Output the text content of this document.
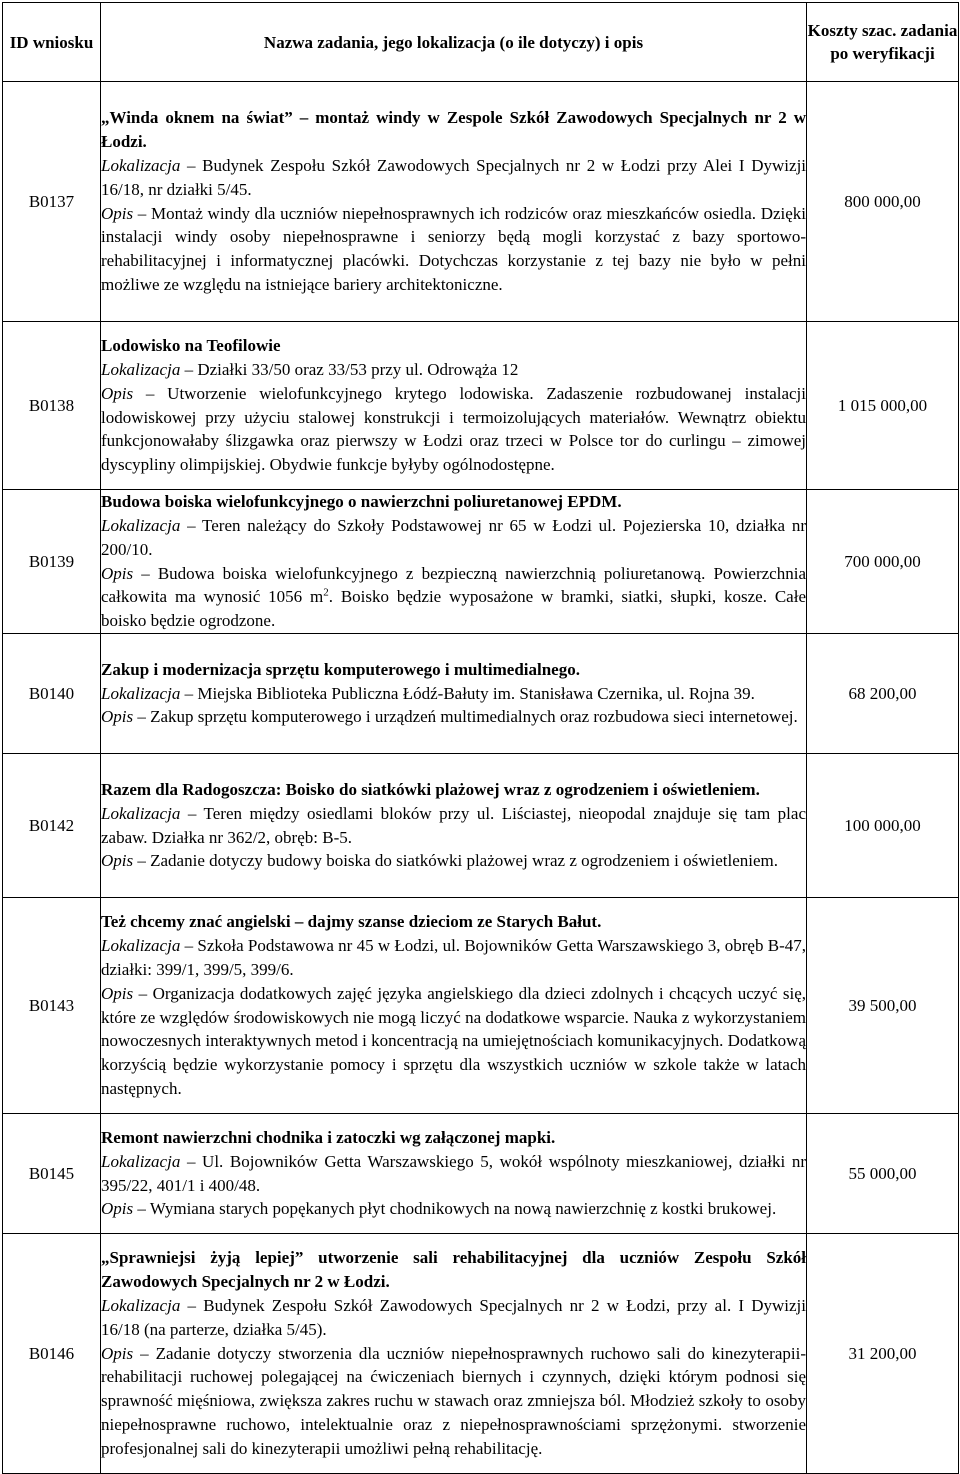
ID wniosku	Nazwa zadania, jego lokalizacja (o ile dotyczy) i opis	Koszty szac. zadania po weryfikacji
B0137	„Winda oknem na świat” – montaż windy w Zespole Szkół Zawodowych Specjalnych nr 2 w Łodzi.

Lokalizacja – Budynek Zespołu Szkół Zawodowych Specjalnych nr 2 w Łodzi przy Alei I Dywizji 16/18, nr działki 5/45.

Opis – Montaż windy dla uczniów niepełnosprawnych ich rodziców oraz mieszkańców osiedla. Dzięki instalacji windy osoby niepełnosprawne i seniorzy będą mogli korzystać z bazy sportowo-rehabilitacyjnej i informatycznej placówki. Dotychczas korzystanie z tej bazy nie było w pełni możliwe ze względu na istniejące bariery architektoniczne.	800 000,00
B0138	Lodowisko na Teofilowie

Lokalizacja – Działki 33/50 oraz 33/53 przy ul. Odrowąża 12

Opis – Utworzenie wielofunkcyjnego krytego lodowiska. Zadaszenie rozbudowanej instalacji lodowiskowej przy użyciu stalowej konstrukcji i termoizolujących materiałów. Wewnątrz obiektu funkcjonowałaby ślizgawka oraz pierwszy w Łodzi oraz trzeci w Polsce tor do curlingu – zimowej dyscypliny olimpijskiej. Obydwie funkcje byłyby ogólnodostępne.	1 015 000,00
B0139	Budowa boiska wielofunkcyjnego o nawierzchni poliuretanowej EPDM.

Lokalizacja – Teren należący do Szkoły Podstawowej nr 65 w Łodzi ul. Pojezierska 10, działka nr 200/10.

Opis – Budowa boiska wielofunkcyjnego z bezpieczną nawierzchnią poliuretanową. Powierzchnia całkowita ma wynosić 1056 $m^2$. Boisko będzie wyposażone w bramki, siatki, słupki, kosze. Całe boisko będzie ogrodzone.	700 000,00
B0140	Zakup i modernizacja sprzętu komputerowego i multimedialnego.

Lokalizacja – Miejska Biblioteka Publiczna Łódź-Bałuty im. Stanisława Czernika, ul. Rojna 39.

Opis – Zakup sprzętu komputerowego i urządzeń multimedialnych oraz rozbudowa sieci internetowej.	68 200,00
B0142	Razem dla Radogoszcza: Boisko do siatkówki plażowej wraz z ogrodzeniem i oświetleniem.

Lokalizacja – Teren między osiedlami bloków przy ul. Liściastej, nieopodal znajduje się tam plac zabaw. Działka nr 362/2, obręb: B-5.

Opis – Zadanie dotyczy budowy boiska do siatkówki plażowej wraz z ogrodzeniem i oświetleniem.	100 000,00
B0143	Też chcemy znać angielski – dajmy szanse dzieciom ze Starych Bałut.

Lokalizacja – Szkoła Podstawowa nr 45 w Łodzi, ul. Bojowników Getta Warszawskiego 3, obręb B-47, działki: 399/1, 399/5, 399/6.

Opis – Organizacja dodatkowych zajęć języka angielskiego dla dzieci zdolnych i chcących uczyć się, które ze względów środowiskowych nie mogą liczyć na dodatkowe wsparcie. Nauka z wykorzystaniem nowoczesnych interaktywnych metod i koncentracją na umiejętnościach komunikacyjnych. Dodatkową korzyścią będzie wykorzystanie pomocy i sprzętu dla wszystkich uczniów w szkole także w latach następnych.	39 500,00
B0145	Remont nawierzchni chodnika i zatoczki wg załączonej mapki.

Lokalizacja – Ul. Bojowników Getta Warszawskiego 5, wokół wspólnoty mieszkaniowej, działki nr 395/22, 401/1 i 400/48.

Opis – Wymiana starych popękanych płyt chodnikowych na nową nawierzchnię z kostki brukowej.	55 000,00
B0146	„Sprawniejsi żyją lepiej” utworzenie sali rehabilitacyjnej dla uczniów Zespołu Szkół Zawodowych Specjalnych nr 2 w Łodzi.

Lokalizacja – Budynek Zespołu Szkół Zawodowych Specjalnych nr 2 w Łodzi, przy al. I Dywizji 16/18 (na parterze, działka 5/45).

Opis – Zadanie dotyczy stworzenia dla uczniów niepełnosprawnych ruchowo sali do kinezyterapii- rehabilitacji ruchowej polegającej na ćwiczeniach biernych i czynnych, dzięki którym podnosi się sprawność mięśniowa, zwiększa zakres ruchu w stawach oraz zmniejsza ból. Młodzież szkoły to osoby niepełnosprawne ruchowo, intelektualnie oraz z niepełnosprawnościami sprzężonymi. stworzenie profesjonalnej sali do kinezyterapii umożliwi pełną rehabilitację.	31 200,00
